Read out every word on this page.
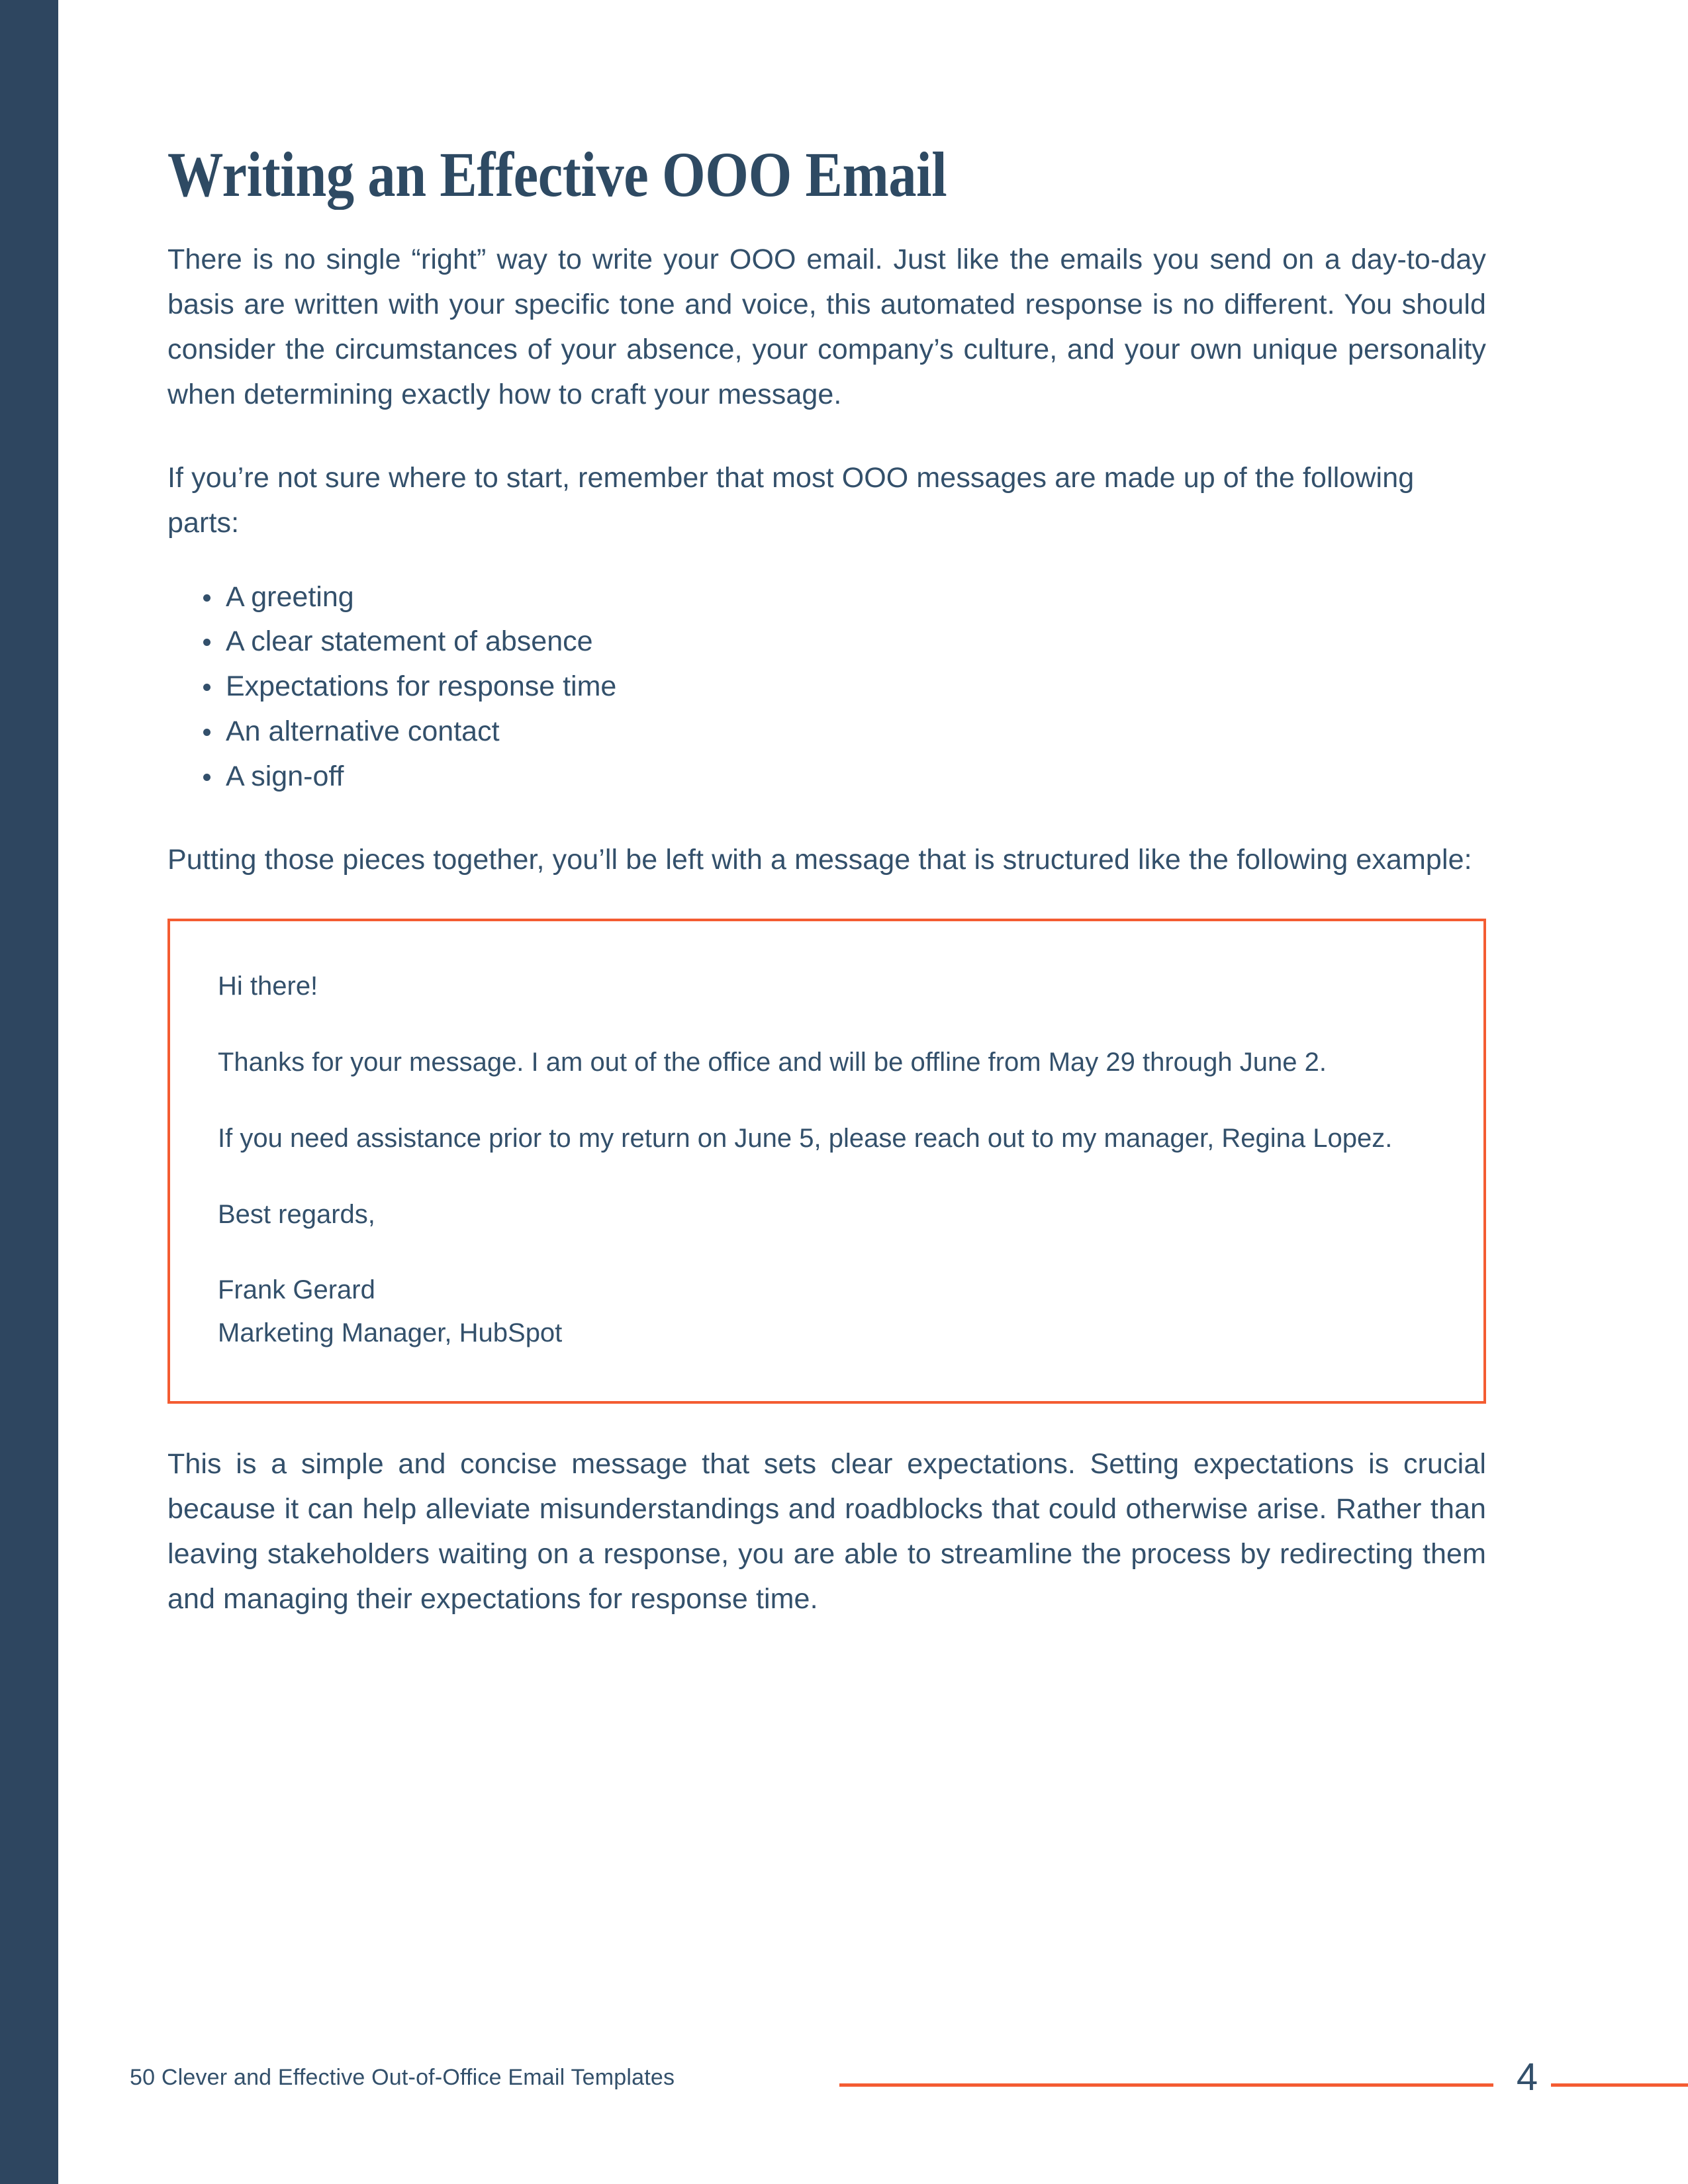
Writing an Effective OOO Email

There is no single “right” way to write your OOO email. Just like the emails you send on a day-to-day basis are written with your specific tone and voice, this automated response is no different. You should consider the circumstances of your absence, your company’s culture, and your own unique personality when determining exactly how to craft your message.

If you’re not sure where to start, remember that most OOO messages are made up of the following parts:

A greeting
A clear statement of absence
Expectations for response time
An alternative contact
A sign-off

Putting those pieces together, you’ll be left with a message that is structured like the following example:

Hi there!

Thanks for your message. I am out of the office and will be offline from May 29 through June 2.

If you need assistance prior to my return on June 5, please reach out to my manager, Regina Lopez.

Best regards,

Frank Gerard

Marketing Manager, HubSpot

This is a simple and concise message that sets clear expectations. Setting expectations is crucial because it can help alleviate misunderstandings and roadblocks that could otherwise arise. Rather than leaving stakeholders waiting on a response, you are able to streamline the process by redirecting them and managing their expectations for response time.

50 Clever and Effective Out-of-Office Email Templates	4
